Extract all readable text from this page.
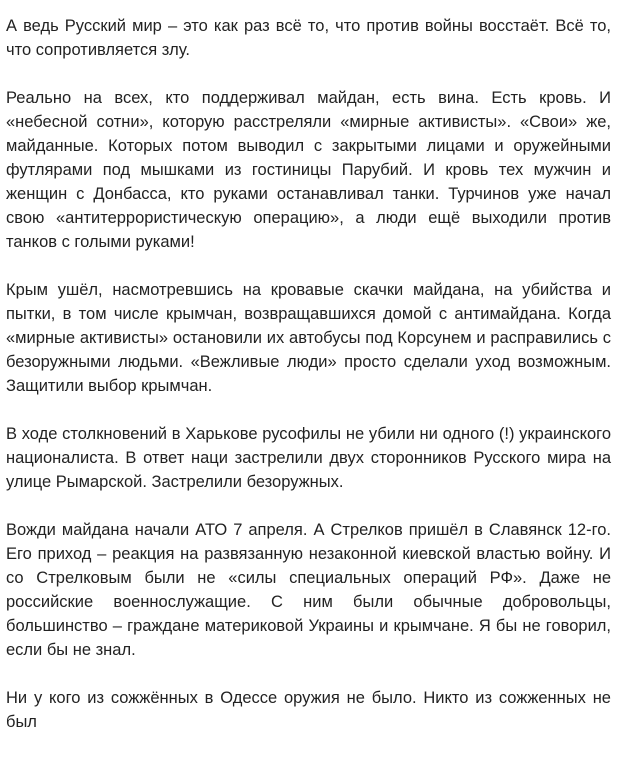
А ведь Русский мир – это как раз всё то, что против войны восстаёт. Всё то, что сопротивляется злу.

Реально на всех, кто поддерживал майдан, есть вина. Есть кровь. И «небесной сотни», которую расстреляли «мирные активисты». «Свои» же, майданные. Которых потом выводил с закрытыми лицами и оружейными футлярами под мышками из гостиницы Парубий. И кровь тех мужчин и женщин с Донбасса, кто руками останавливал танки. Турчинов уже начал свою «антитеррористическую операцию», а люди ещё выходили против танков с голыми руками!

Крым ушёл, насмотревшись на кровавые скачки майдана, на убийства и пытки, в том числе крымчан, возвращавшихся домой с антимайдана. Когда «мирные активисты» остановили их автобусы под Корсунем и расправились с безоружными людьми. «Вежливые люди» просто сделали уход возможным. Защитили выбор крымчан.

В ходе столкновений в Харькове русофилы не убили ни одного (!) украинского националиста. В ответ наци застрелили двух сторонников Русского мира на улице Рымарской. Застрелили безоружных.

Вожди майдана начали АТО 7 апреля. А Стрелков пришёл в Славянск 12-го. Его приход – реакция на развязанную незаконной киевской властью войну. И со Стрелковым были не «силы специальных операций РФ». Даже не российские военнослужащие. С ним были обычные добровольцы, большинство – граждане материковой Украины и крымчане. Я бы не говорил, если бы не знал.

Ни у кого из сожжённых в Одессе оружия не было. Никто из сожженных не был
